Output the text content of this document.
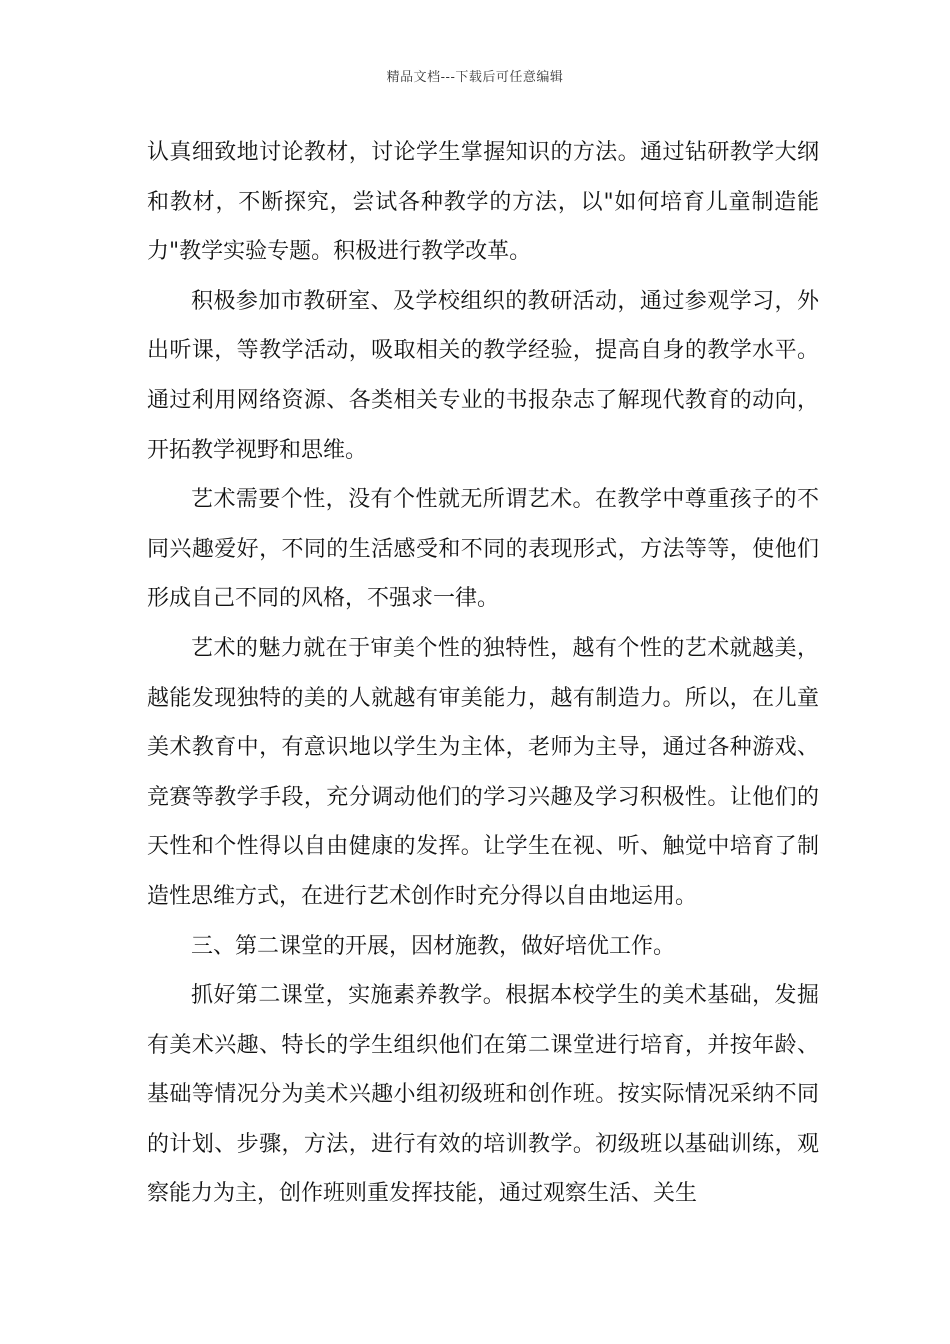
精品文档---下载后可任意编辑

认真细致地讨论教材，讨论学生掌握知识的方法。通过钻研教学大纲和教材，不断探究，尝试各种教学的方法，以"如何培育儿童制造能力"教学实验专题。积极进行教学改革。

积极参加市教研室、及学校组织的教研活动，通过参观学习，外出听课，等教学活动，吸取相关的教学经验，提高自身的教学水平。通过利用网络资源、各类相关专业的书报杂志了解现代教育的动向，开拓教学视野和思维。

艺术需要个性，没有个性就无所谓艺术。在教学中尊重孩子的不同兴趣爱好，不同的生活感受和不同的表现形式，方法等等，使他们形成自己不同的风格，不强求一律。

艺术的魅力就在于审美个性的独特性，越有个性的艺术就越美，越能发现独特的美的人就越有审美能力，越有制造力。所以，在儿童美术教育中，有意识地以学生为主体，老师为主导，通过各种游戏、竞赛等教学手段，充分调动他们的学习兴趣及学习积极性。让他们的天性和个性得以自由健康的发挥。让学生在视、听、触觉中培育了制造性思维方式，在进行艺术创作时充分得以自由地运用。

三、第二课堂的开展，因材施教，做好培优工作。

抓好第二课堂，实施素养教学。根据本校学生的美术基础，发掘有美术兴趣、特长的学生组织他们在第二课堂进行培育，并按年龄、基础等情况分为美术兴趣小组初级班和创作班。按实际情况采纳不同的计划、步骤，方法，进行有效的培训教学。初级班以基础训练，观察能力为主，创作班则重发挥技能，通过观察生活、关生
